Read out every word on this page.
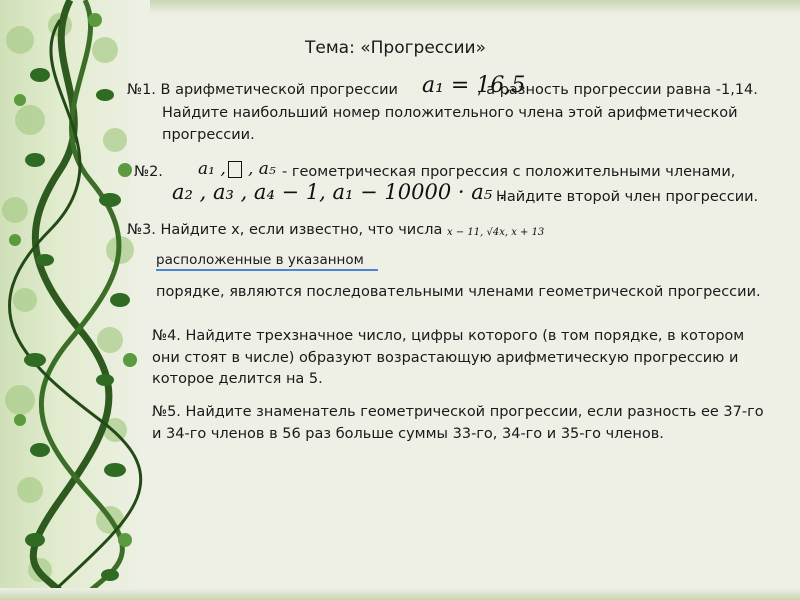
Тема: «Прогрессии»
№1. В арифметической прогрессии a₁ = 16,5
, а разность прогрессии равна -1,14.
Найдите наибольший номер положительного члена этой арифметической
прогрессии.
№2. a₁ ,	, a₅ - геометрическая прогрессия с положительными членами,
a₂ , a₃ , a₄ − 1, a₁ − 10000 · a₅ .
Найдите второй член прогрессии.
№3. Найдите x, если известно, что числа x − 11, √4x, x + 13
расположенные в указанном
порядке, являются последовательными членами геометрической прогрессии.
№4. Найдите трехзначное число, цифры которого (в том порядке, в котором
они стоят в числе) образуют возрастающую арифметическую прогрессию и
которое делится на 5.
№5. Найдите знаменатель геометрической прогрессии, если разность ее 37-го
и 34-го членов в 56 раз больше суммы 33-го, 34-го и 35-го членов.
